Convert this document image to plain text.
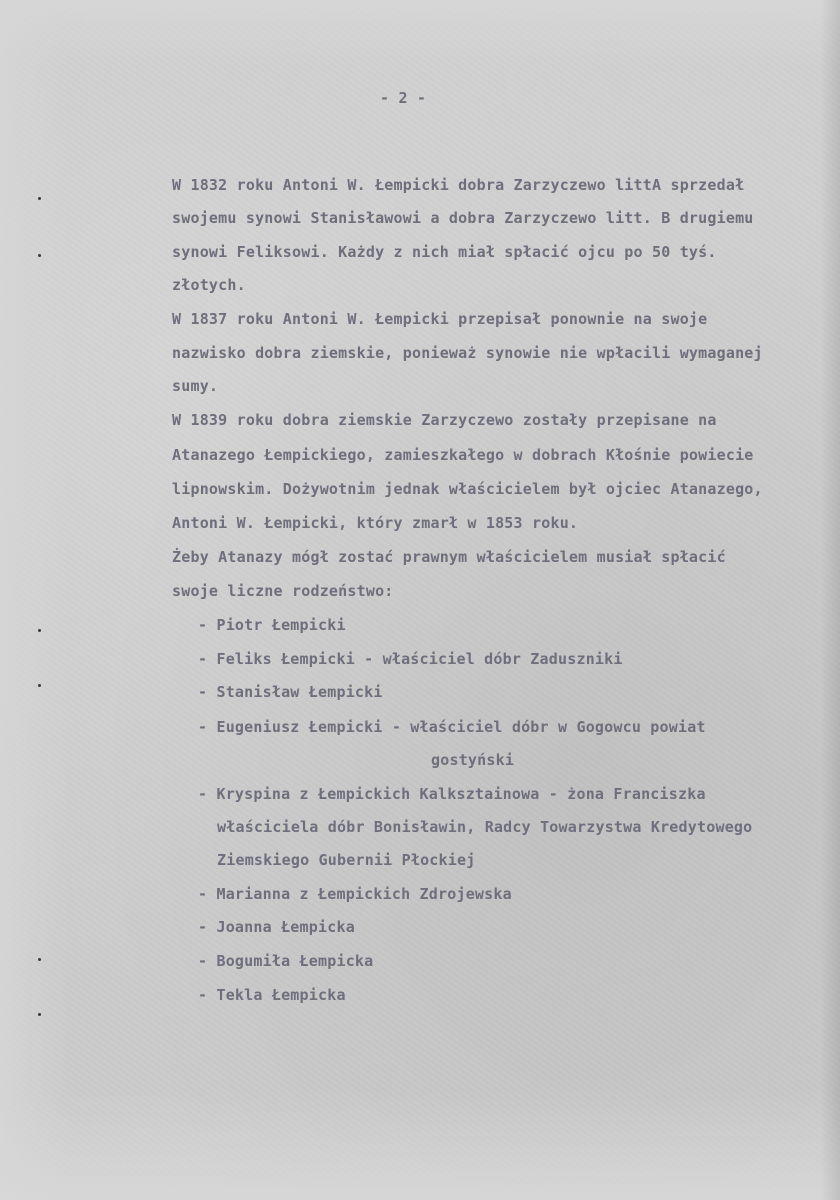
- 2 -
W 1832 roku Antoni W. Łempicki dobra Zarzyczewo littA sprzedał
swojemu synowi Stanisławowi a dobra Zarzyczewo litt. B drugiemu
synowi Feliksowi. Każdy z nich miał spłacić ojcu po 50 tyś.
złotych.
W 1837 roku Antoni W. Łempicki przepisał ponownie na swoje
nazwisko dobra ziemskie, ponieważ synowie nie wpłacili wymaganej
sumy.
W 1839 roku dobra ziemskie Zarzyczewo zostały przepisane na
Atanazego Łempickiego, zamieszkałego w dobrach Kłośnie powiecie
lipnowskim. Dożywotnim jednak właścicielem był ojciec Atanazego,
Antoni W. Łempicki, który zmarł w 1853 roku.
Żeby Atanazy mógł zostać prawnym właścicielem musiał spłacić
swoje liczne rodzeństwo:
- Piotr Łempicki
- Feliks Łempicki - właściciel dóbr Zaduszniki
- Stanisław Łempicki
- Eugeniusz Łempicki - właściciel dóbr w Gogowcu powiat
gostyński
- Kryspina z Łempickich Kalksztainowa - żona Franciszka
właściciela dóbr Bonisławin, Radcy Towarzystwa Kredytowego
Ziemskiego Gubernii Płockiej
- Marianna z Łempickich Zdrojewska
- Joanna Łempicka
- Bogumiła Łempicka
- Tekla Łempicka
